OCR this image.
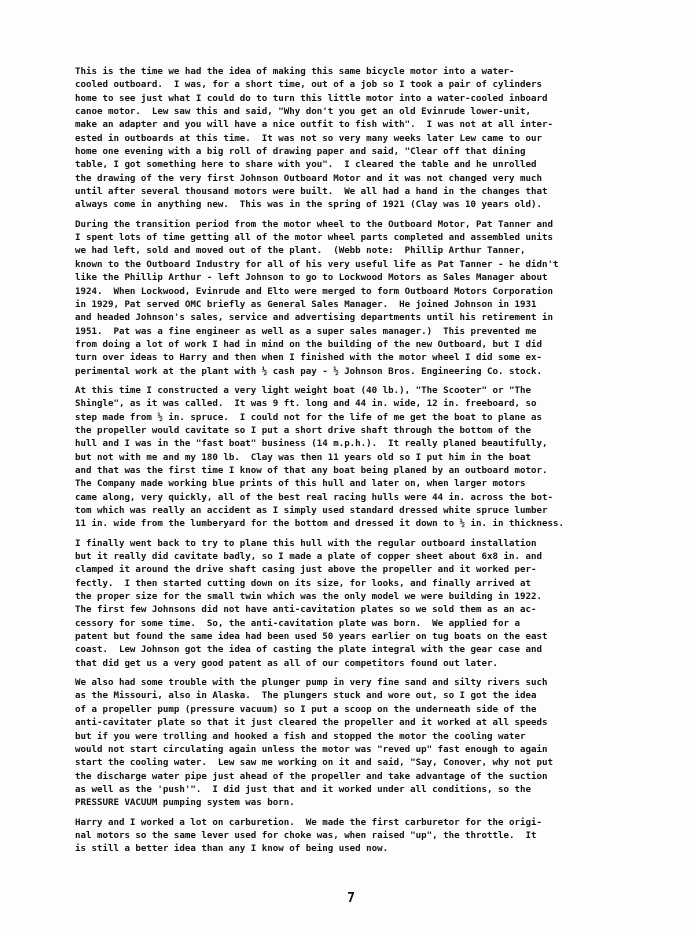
This is the time we had the idea of making this same bicycle motor into a water-
cooled outboard.  I was, for a short time, out of a job so I took a pair of cylinders
home to see just what I could do to turn this little motor into a water-cooled inboard
canoe motor.  Lew saw this and said, "Why don't you get an old Evinrude lower-unit,
make an adapter and you will have a nice outfit to fish with".  I was not at all inter-
ested in outboards at this time.  It was not so very many weeks later Lew came to our
home one evening with a big roll of drawing paper and said, "Clear off that dining
table, I got something here to share with you".  I cleared the table and he unrolled
the drawing of the very first Johnson Outboard Motor and it was not changed very much
until after several thousand motors were built.  We all had a hand in the changes that
always come in anything new.  This was in the spring of 1921 (Clay was 10 years old).
During the transition period from the motor wheel to the Outboard Motor, Pat Tanner and
I spent lots of time getting all of the motor wheel parts completed and assembled units
we had left, sold and moved out of the plant.  (Webb note:  Phillip Arthur Tanner,
known to the Outboard Industry for all of his very useful life as Pat Tanner - he didn't
like the Phillip Arthur - left Johnson to go to Lockwood Motors as Sales Manager about
1924.  When Lockwood, Evinrude and Elto were merged to form Outboard Motors Corporation
in 1929, Pat served OMC briefly as General Sales Manager.  He joined Johnson in 1931
and headed Johnson's sales, service and advertising departments until his retirement in
1951.  Pat was a fine engineer as well as a super sales manager.)  This prevented me
from doing a lot of work I had in mind on the building of the new Outboard, but I did
turn over ideas to Harry and then when I finished with the motor wheel I did some ex-
perimental work at the plant with ½ cash pay - ½ Johnson Bros. Engineering Co. stock.
At this time I constructed a very light weight boat (40 lb.), "The Scooter" or "The
Shingle", as it was called.  It was 9 ft. long and 44 in. wide, 12 in. freeboard, so
step made from ½ in. spruce.  I could not for the life of me get the boat to plane as
the propeller would cavitate so I put a short drive shaft through the bottom of the
hull and I was in the "fast boat" business (14 m.p.h.).  It really planed beautifully,
but not with me and my 180 lb.  Clay was then 11 years old so I put him in the boat
and that was the first time I know of that any boat being planed by an outboard motor.
The Company made working blue prints of this hull and later on, when larger motors
came along, very quickly, all of the best real racing hulls were 44 in. across the bot-
tom which was really an accident as I simply used standard dressed white spruce lumber
11 in. wide from the lumberyard for the bottom and dressed it down to ½ in. in thickness.
I finally went back to try to plane this hull with the regular outboard installation
but it really did cavitate badly, so I made a plate of copper sheet about 6x8 in. and
clamped it around the drive shaft casing just above the propeller and it worked per-
fectly.  I then started cutting down on its size, for looks, and finally arrived at
the proper size for the small twin which was the only model we were building in 1922.
The first few Johnsons did not have anti-cavitation plates so we sold them as an ac-
cessory for some time.  So, the anti-cavitation plate was born.  We applied for a
patent but found the same idea had been used 50 years earlier on tug boats on the east
coast.  Lew Johnson got the idea of casting the plate integral with the gear case and
that did get us a very good patent as all of our competitors found out later.
We also had some trouble with the plunger pump in very fine sand and silty rivers such
as the Missouri, also in Alaska.  The plungers stuck and wore out, so I got the idea
of a propeller pump (pressure vacuum) so I put a scoop on the underneath side of the
anti-cavitater plate so that it just cleared the propeller and it worked at all speeds
but if you were trolling and hooked a fish and stopped the motor the cooling water
would not start circulating again unless the motor was "reved up" fast enough to again
start the cooling water.  Lew saw me working on it and said, "Say, Conover, why not put
the discharge water pipe just ahead of the propeller and take advantage of the suction
as well as the 'push'".  I did just that and it worked under all conditions, so the
PRESSURE VACUUM pumping system was born.
Harry and I worked a lot on carburetion.  We made the first carburetor for the origi-
nal motors so the same lever used for choke was, when raised "up", the throttle.  It
is still a better idea than any I know of being used now.
7
